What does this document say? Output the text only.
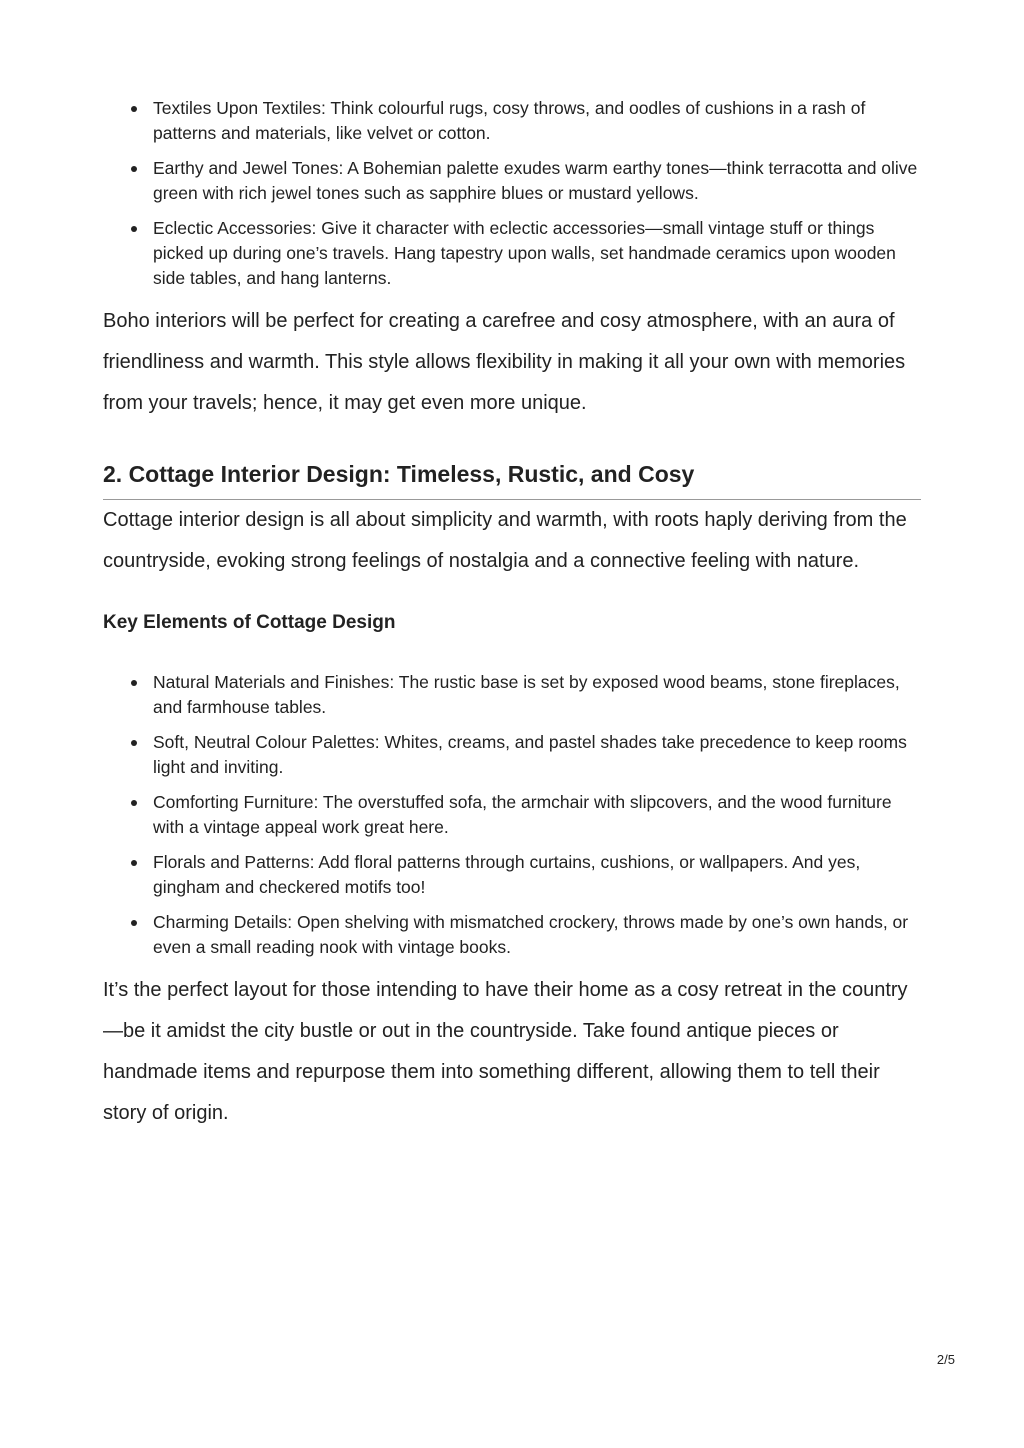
Textiles Upon Textiles: Think colourful rugs, cosy throws, and oodles of cushions in a rash of patterns and materials, like velvet or cotton.
Earthy and Jewel Tones: A Bohemian palette exudes warm earthy tones—think terracotta and olive green with rich jewel tones such as sapphire blues or mustard yellows.
Eclectic Accessories: Give it character with eclectic accessories—small vintage stuff or things picked up during one’s travels. Hang tapestry upon walls, set handmade ceramics upon wooden side tables, and hang lanterns.

Boho interiors will be perfect for creating a carefree and cosy atmosphere, with an aura of friendliness and warmth. This style allows flexibility in making it all your own with memories from your travels; hence, it may get even more unique.

2. Cottage Interior Design: Timeless, Rustic, and Cosy

Cottage interior design is all about simplicity and warmth, with roots haply deriving from the countryside, evoking strong feelings of nostalgia and a connective feeling with nature.

Key Elements of Cottage Design
Natural Materials and Finishes: The rustic base is set by exposed wood beams, stone fireplaces, and farmhouse tables.
Soft, Neutral Colour Palettes: Whites, creams, and pastel shades take precedence to keep rooms light and inviting.
Comforting Furniture: The overstuffed sofa, the armchair with slipcovers, and the wood furniture with a vintage appeal work great here.
Florals and Patterns: Add floral patterns through curtains, cushions, or wallpapers. And yes, gingham and checkered motifs too!
Charming Details: Open shelving with mismatched crockery, throws made by one’s own hands, or even a small reading nook with vintage books.

It’s the perfect layout for those intending to have their home as a cosy retreat in the country—be it amidst the city bustle or out in the countryside. Take found antique pieces or handmade items and repurpose them into something different, allowing them to tell their story of origin.

2/5
